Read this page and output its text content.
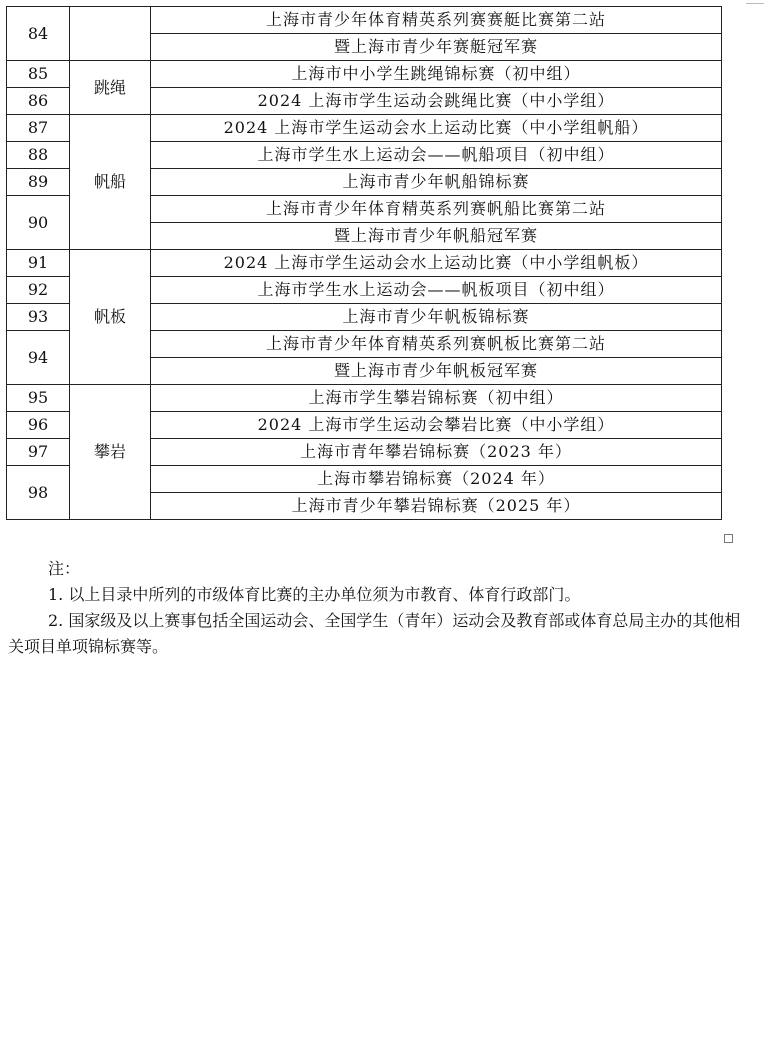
84		上海市青少年体育精英系列赛赛艇比赛第二站
		暨上海市青少年赛艇冠军赛
85	跳绳	上海市中小学生跳绳锦标赛（初中组）
86		2024 上海市学生运动会跳绳比赛（中小学组）
87	帆船	2024 上海市学生运动会水上运动比赛（中小学组帆船）
88		上海市学生水上运动会——帆船项目（初中组）
89		上海市青少年帆船锦标赛
90		上海市青少年体育精英系列赛帆船比赛第二站
		暨上海市青少年帆船冠军赛
91	帆板	2024 上海市学生运动会水上运动比赛（中小学组帆板）
92		上海市学生水上运动会——帆板项目（初中组）
93		上海市青少年帆板锦标赛
94		上海市青少年体育精英系列赛帆板比赛第二站
		暨上海市青少年帆板冠军赛
95	攀岩	上海市学生攀岩锦标赛（初中组）
96		2024 上海市学生运动会攀岩比赛（中小学组）
97		上海市青年攀岩锦标赛（2023 年）
98		上海市攀岩锦标赛（2024 年）
		上海市青少年攀岩锦标赛（2025 年）

注：

1. 以上目录中所列的市级体育比赛的主办单位须为市教育、体育行政部门。

2. 国家级及以上赛事包括全国运动会、全国学生（青年）运动会及教育部或体育总局主办的其他相关项目单项锦标赛等。
